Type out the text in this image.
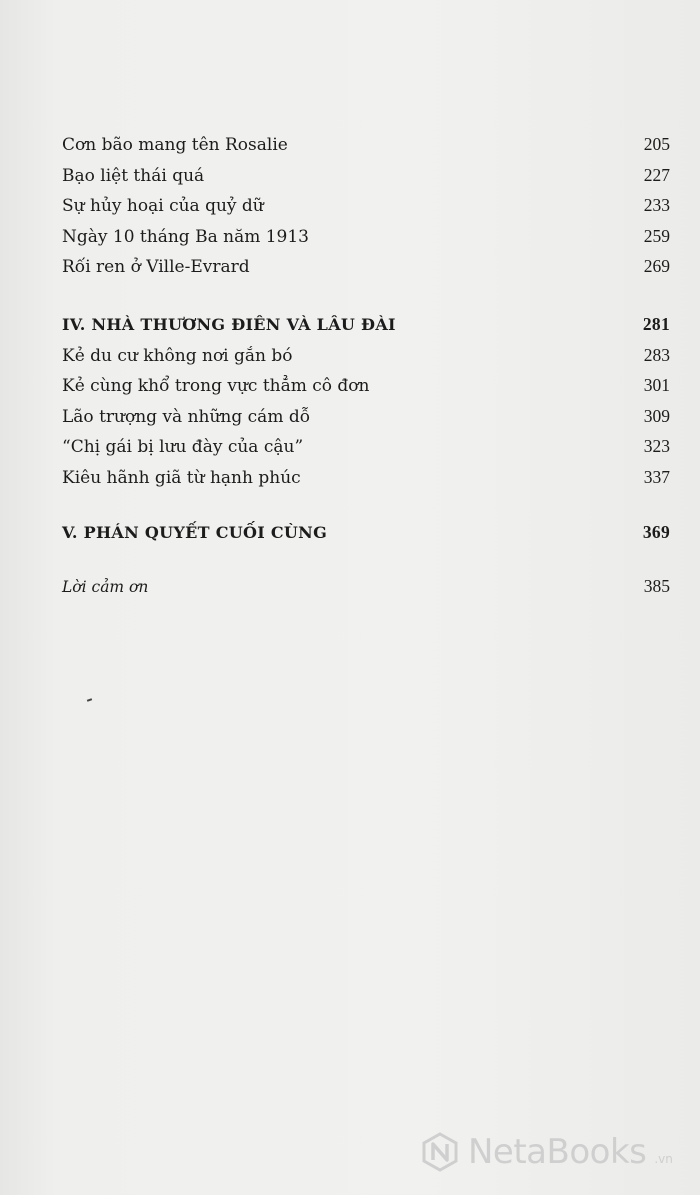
Cơn bão mang tên Rosalie	205
Bạo liệt thái quá	227
Sự hủy hoại của quỷ dữ	233
Ngày 10 tháng Ba năm 1913	259
Rối ren ở Ville-Evrard	269
IV. NHÀ THƯƠNG ĐIÊN VÀ LÂU ĐÀI	281
Kẻ du cư không nơi gắn bó	283
Kẻ cùng khổ trong vực thẳm cô đơn	301
Lão trượng và những cám dỗ	309
“Chị gái bị lưu đày của cậu”	323
Kiêu hãnh giã từ hạnh phúc	337
V. PHÁN QUYẾT CUỐI CÙNG	369
Lời cảm ơn	385
NetaBooks .vn
